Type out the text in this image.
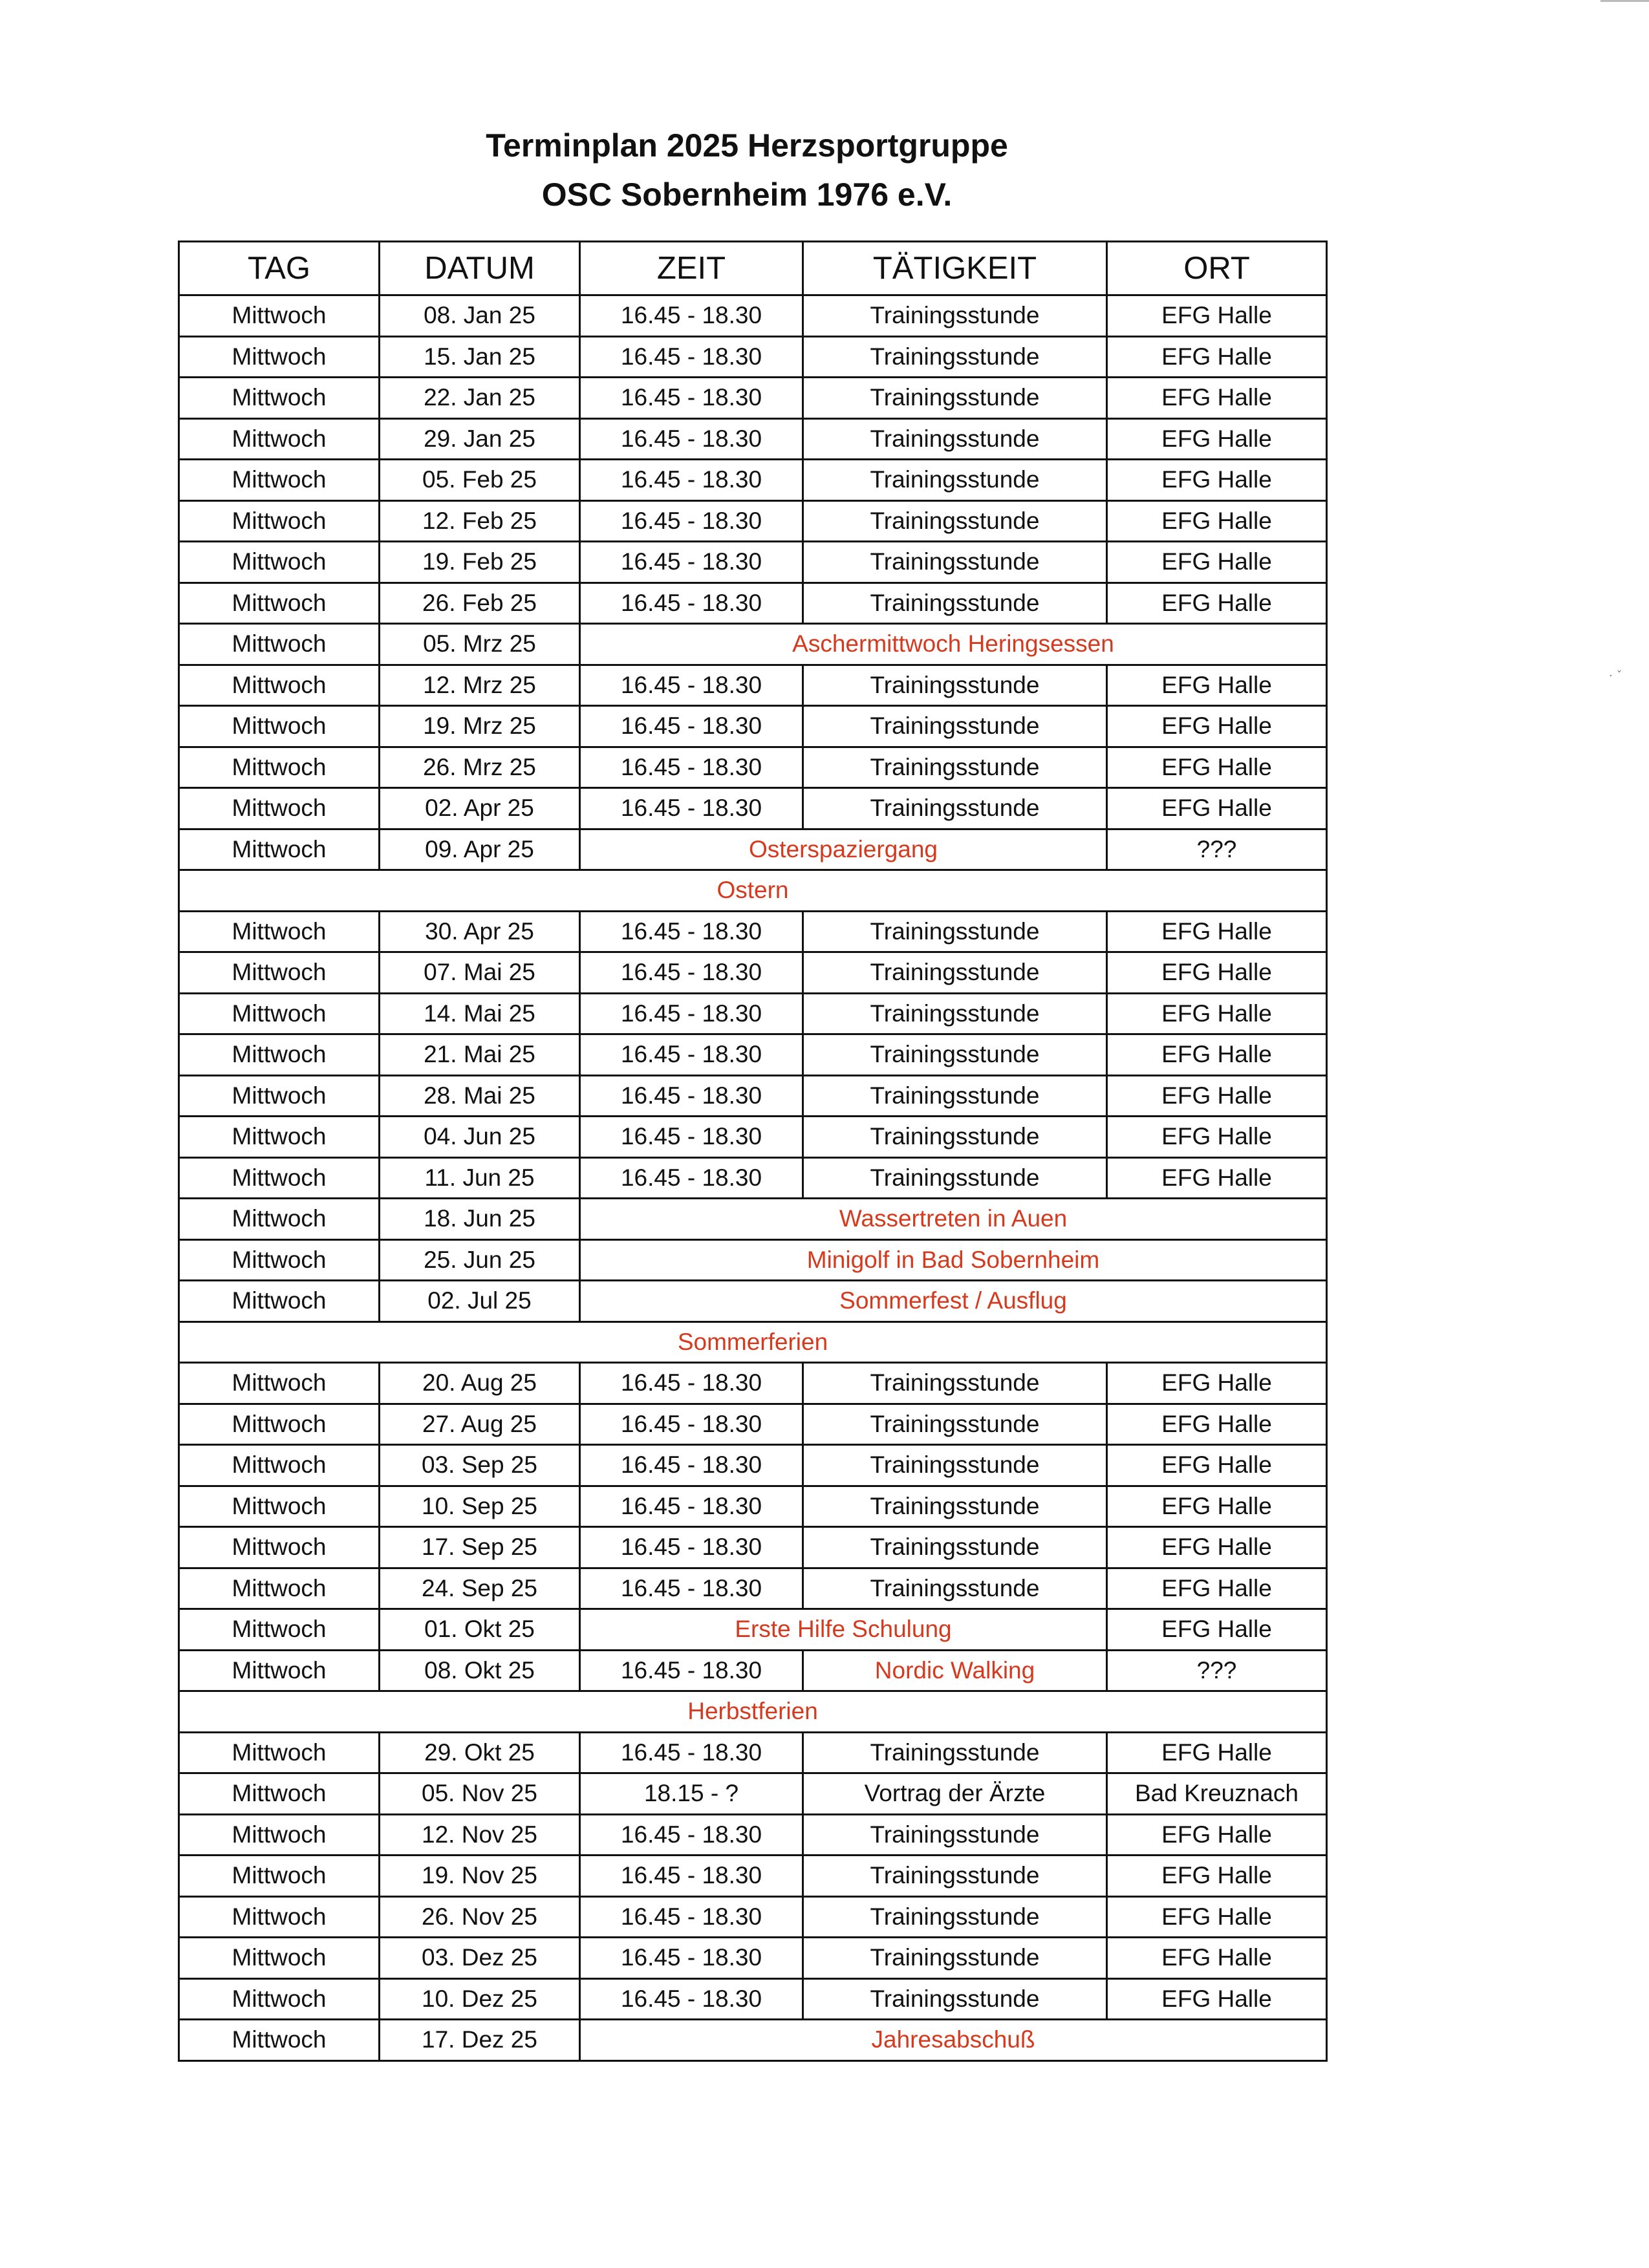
· ˇ
Terminplan 2025 Herzsportgruppe
OSC Sobernheim 1976 e.V.
TAG	DATUM	ZEIT	TÄTIGKEIT	ORT
Mittwoch	08. Jan 25	16.45 - 18.30	Trainingsstunde	EFG Halle
Mittwoch	15. Jan 25	16.45 - 18.30	Trainingsstunde	EFG Halle
Mittwoch	22. Jan 25	16.45 - 18.30	Trainingsstunde	EFG Halle
Mittwoch	29. Jan 25	16.45 - 18.30	Trainingsstunde	EFG Halle
Mittwoch	05. Feb 25	16.45 - 18.30	Trainingsstunde	EFG Halle
Mittwoch	12. Feb 25	16.45 - 18.30	Trainingsstunde	EFG Halle
Mittwoch	19. Feb 25	16.45 - 18.30	Trainingsstunde	EFG Halle
Mittwoch	26. Feb 25	16.45 - 18.30	Trainingsstunde	EFG Halle
Mittwoch	05. Mrz 25	Aschermittwoch Heringsessen		
Mittwoch	12. Mrz 25	16.45 - 18.30	Trainingsstunde	EFG Halle
Mittwoch	19. Mrz 25	16.45 - 18.30	Trainingsstunde	EFG Halle
Mittwoch	26. Mrz 25	16.45 - 18.30	Trainingsstunde	EFG Halle
Mittwoch	02. Apr 25	16.45 - 18.30	Trainingsstunde	EFG Halle
Mittwoch	09. Apr 25	Osterspaziergang		???
Ostern				
Mittwoch	30. Apr 25	16.45 - 18.30	Trainingsstunde	EFG Halle
Mittwoch	07. Mai 25	16.45 - 18.30	Trainingsstunde	EFG Halle
Mittwoch	14. Mai 25	16.45 - 18.30	Trainingsstunde	EFG Halle
Mittwoch	21. Mai 25	16.45 - 18.30	Trainingsstunde	EFG Halle
Mittwoch	28. Mai 25	16.45 - 18.30	Trainingsstunde	EFG Halle
Mittwoch	04. Jun 25	16.45 - 18.30	Trainingsstunde	EFG Halle
Mittwoch	11. Jun 25	16.45 - 18.30	Trainingsstunde	EFG Halle
Mittwoch	18. Jun 25	Wassertreten in Auen		
Mittwoch	25. Jun 25	Minigolf in Bad Sobernheim		
Mittwoch	02. Jul 25	Sommerfest / Ausflug		
Sommerferien				
Mittwoch	20. Aug 25	16.45 - 18.30	Trainingsstunde	EFG Halle
Mittwoch	27. Aug 25	16.45 - 18.30	Trainingsstunde	EFG Halle
Mittwoch	03. Sep 25	16.45 - 18.30	Trainingsstunde	EFG Halle
Mittwoch	10. Sep 25	16.45 - 18.30	Trainingsstunde	EFG Halle
Mittwoch	17. Sep 25	16.45 - 18.30	Trainingsstunde	EFG Halle
Mittwoch	24. Sep 25	16.45 - 18.30	Trainingsstunde	EFG Halle
Mittwoch	01. Okt 25	Erste Hilfe Schulung		EFG Halle
Mittwoch	08. Okt 25	16.45 - 18.30	Nordic Walking	???
Herbstferien				
Mittwoch	29. Okt 25	16.45 - 18.30	Trainingsstunde	EFG Halle
Mittwoch	05. Nov 25	18.15 - ?	Vortrag der Ärzte	Bad Kreuznach
Mittwoch	12. Nov 25	16.45 - 18.30	Trainingsstunde	EFG Halle
Mittwoch	19. Nov 25	16.45 - 18.30	Trainingsstunde	EFG Halle
Mittwoch	26. Nov 25	16.45 - 18.30	Trainingsstunde	EFG Halle
Mittwoch	03. Dez 25	16.45 - 18.30	Trainingsstunde	EFG Halle
Mittwoch	10. Dez 25	16.45 - 18.30	Trainingsstunde	EFG Halle
Mittwoch	17. Dez 25	Jahresabschuß		
